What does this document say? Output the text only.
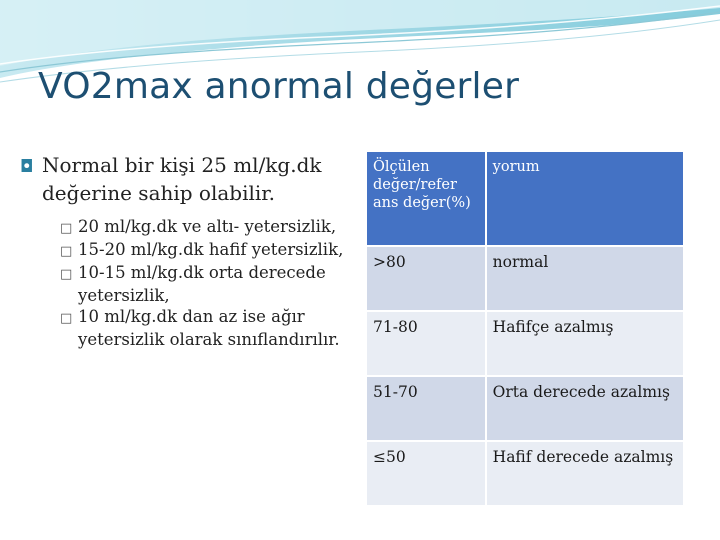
VO2max anormal değerler
◘ Normal bir kişi 25 ml/kg.dk değerine sahip olabilir.
□ 20 ml/kg.dk ve altı- yetersizlik,
□ 15-20 ml/kg.dk hafif yetersizlik,
□ 10-15 ml/kg.dk orta derecede yetersizlik,
□ 10 ml/kg.dk dan az ise ağır yetersizlik olarak sınıflandırılır.
Ölçülen değer/refer ans değer(%)	yorum
>80	normal
71-80	Hafifçe azalmış
51-70	Orta derecede azalmış
≤50	Hafif derecede azalmış
